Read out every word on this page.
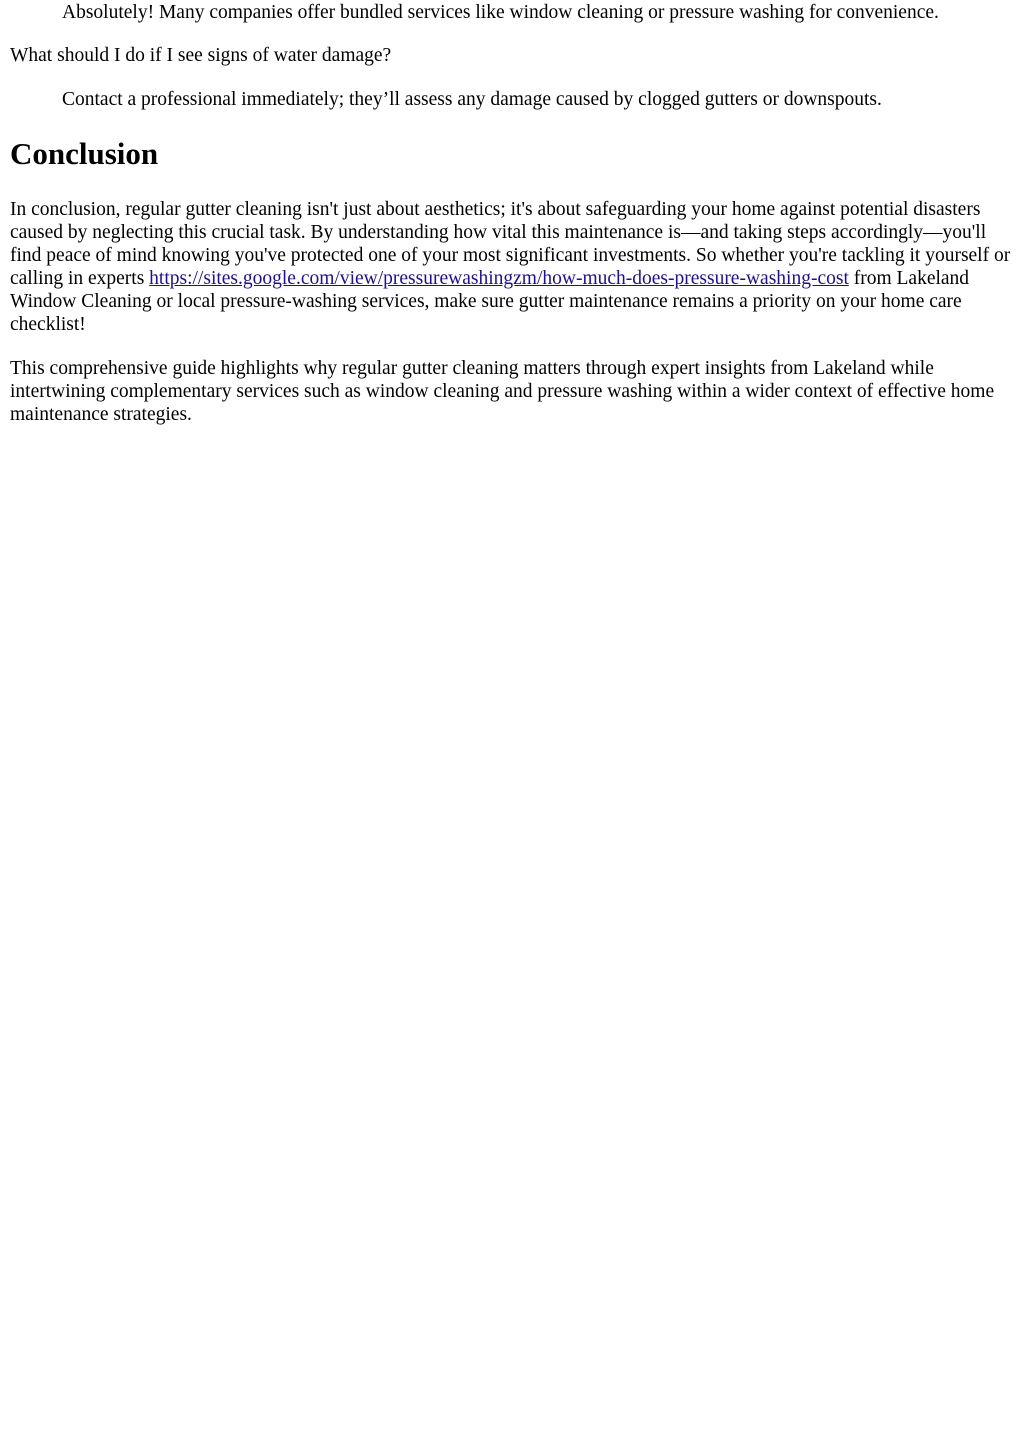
Absolutely! Many companies offer bundled services like window cleaning or pressure washing for convenience.

What should I do if I see signs of water damage?

Contact a professional immediately; they’ll assess any damage caused by clogged gutters or downspouts.

Conclusion

In conclusion, regular gutter cleaning isn't just about aesthetics; it's about safeguarding your home against potential disasters caused by neglecting this crucial task. By understanding how vital this maintenance is—and taking steps accordingly—you'll find peace of mind knowing you've protected one of your most significant investments. So whether you're tackling it yourself or calling in experts https://sites.google.com/view/pressurewashingzm/how-much-does-pressure-washing-cost from Lakeland Window Cleaning or local pressure-washing services, make sure gutter maintenance remains a priority on your home care checklist!

This comprehensive guide highlights why regular gutter cleaning matters through expert insights from Lakeland while intertwining complementary services such as window cleaning and pressure washing within a wider context of effective home maintenance strategies.
